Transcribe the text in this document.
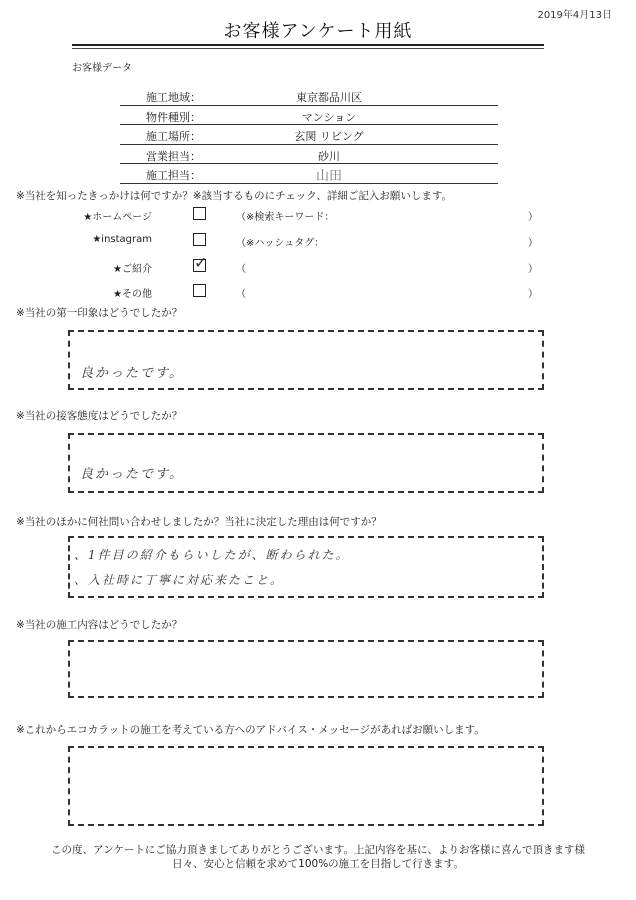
2019年4月13日
お客様アンケート用紙
お客様データ
施工地域：	東京都品川区
物件種別：	マンション
施工場所：	玄関 リビング
営業担当：	砂川
施工担当：	山田
※当社を知ったきっかけは何ですか？※該当するものにチェック、詳細ご記入お願いします。
★ホームページ	（※検索キーワード：	）
★instagram	（※ハッシュタグ：	）
★ご紹介	✓	（	）
★その他	（	）
※当社の第一印象はどうでしたか？
良かったです。
※当社の接客態度はどうでしたか？
良かったです。
※当社のほかに何社問い合わせしましたか？当社に決定した理由は何ですか？
、1件目の紹介もらいしたが、断わられた。
、入社時に丁寧に対応来たこと。
※当社の施工内容はどうでしたか？
※これからエコカラットの施工を考えている方へのアドバイス・メッセージがあればお願いします。
この度、アンケートにご協力頂きましてありがとうございます。上記内容を基に、よりお客様に喜んで頂きます様
日々、安心と信頼を求めて100%の施工を目指して行きます。
